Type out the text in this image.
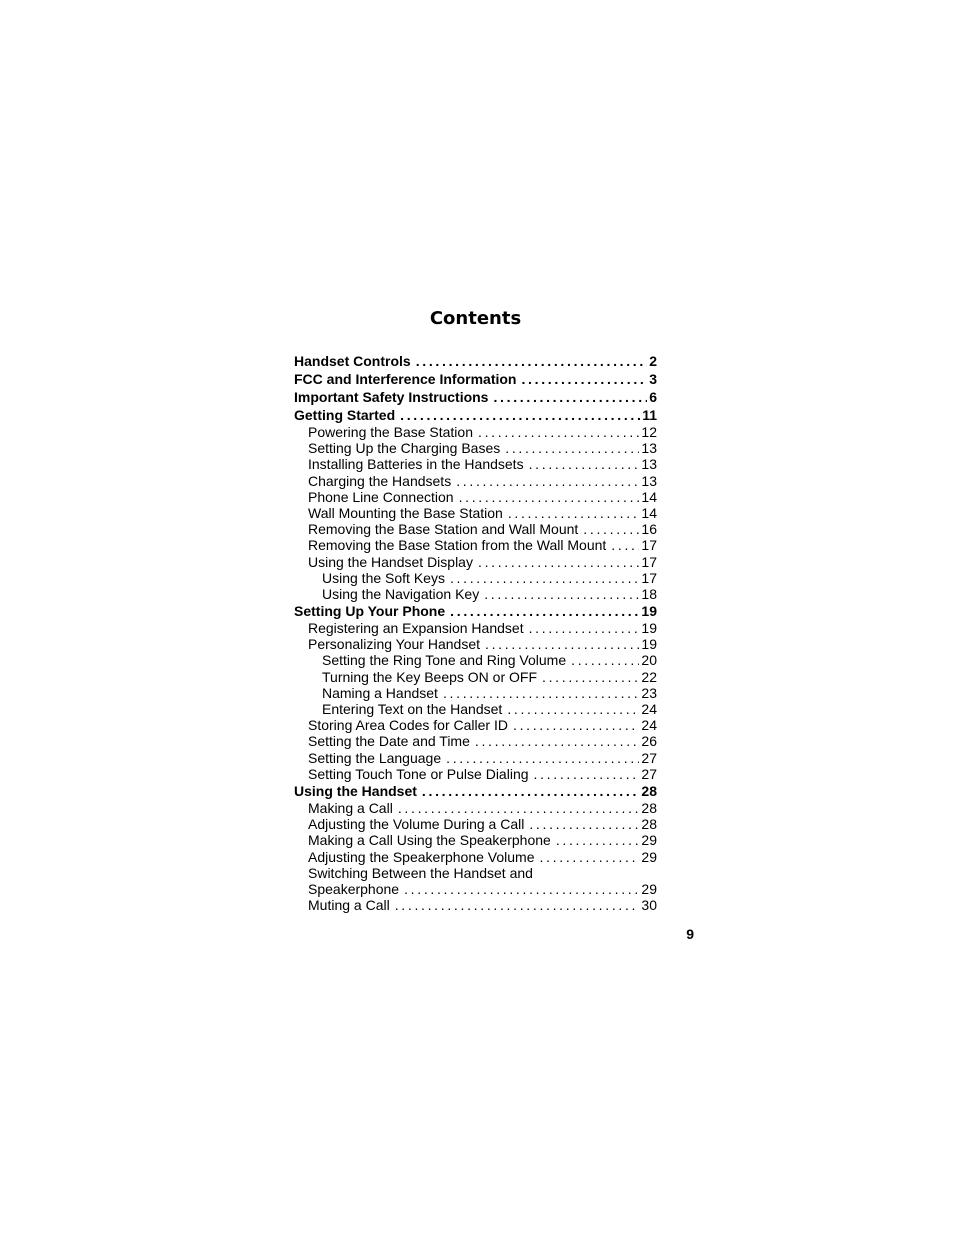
Contents
Handset Controls . . .	2
FCC and Interference Information . . .	3
Important Safety Instructions . . .	6
Getting Started . . .	11
Powering the Base Station . . .	12
Setting Up the Charging Bases . . .	13
Installing Batteries in the Handsets . . .	13
Charging the Handsets . . .	13
Phone Line Connection . . .	14
Wall Mounting the Base Station . . .	14
Removing the Base Station and Wall Mount . . .	16
Removing the Base Station from the Wall Mount . . .	17
Using the Handset Display . . .	17
Using the Soft Keys . . .	17
Using the Navigation Key . . .	18
Setting Up Your Phone . . .	19
Registering an Expansion Handset . . .	19
Personalizing Your Handset . . .	19
Setting the Ring Tone and Ring Volume . . .	20
Turning the Key Beeps ON or OFF . . .	22
Naming a Handset . . .	23
Entering Text on the Handset . . .	24
Storing Area Codes for Caller ID . . .	24
Setting the Date and Time . . .	26
Setting the Language . . .	27
Setting Touch Tone or Pulse Dialing . . .	27
Using the Handset . . .	28
Making a Call . . .	28
Adjusting the Volume During a Call . . .	28
Making a Call Using the Speakerphone . . .	29
Adjusting the Speakerphone Volume . . .	29
Switching Between the Handset and
Speakerphone . . .	29
Muting a Call . . .	30
9
